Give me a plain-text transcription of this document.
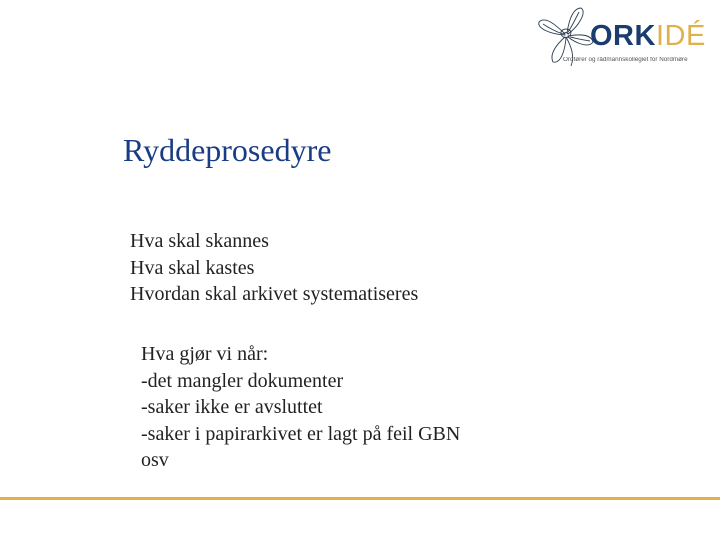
ORKIDÉ
Ordfører og rådmannskollegiet for Nordmøre
Ryddeprosedyre
Hva skal skannes
Hva skal kastes
Hvordan skal arkivet systematiseres
Hva gjør vi når:
-det mangler dokumenter
-saker ikke er avsluttet
-saker i papirarkivet er lagt på feil GBN
osv
